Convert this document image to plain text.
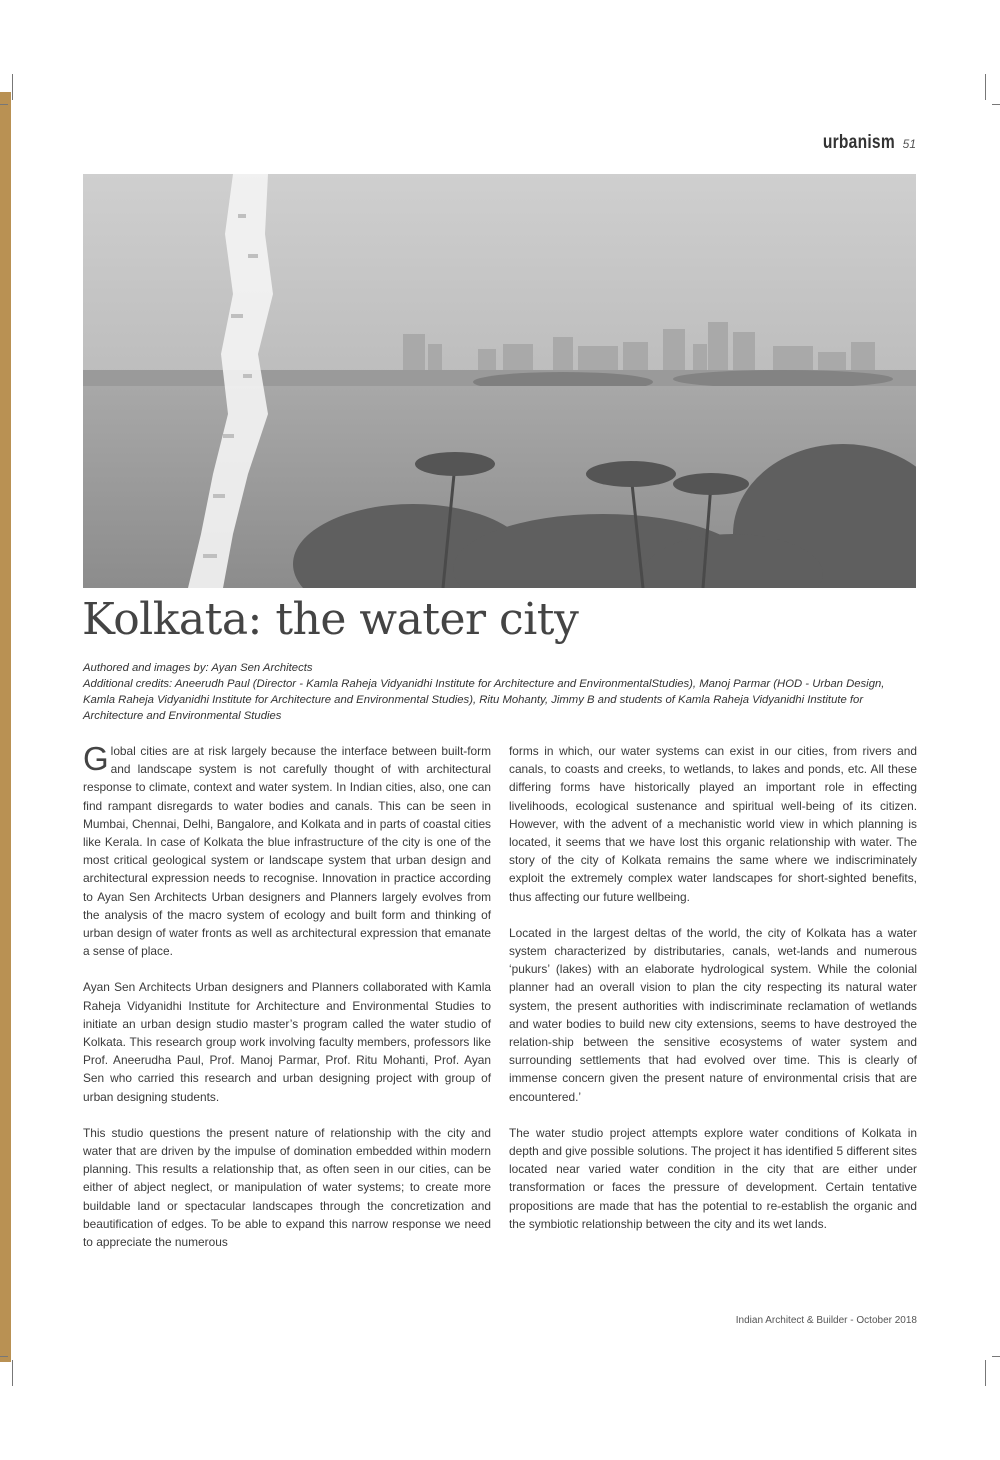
urbanism 51
Kolkata: the water city

Authored and images by: Ayan Sen Architects

Additional credits: Aneerudh Paul (Director - Kamla Raheja Vidyanidhi Institute for Architecture and EnvironmentalStudies), Manoj Parmar (HOD - Urban Design, Kamla Raheja Vidyanidhi Institute for Architecture and Environmental Studies), Ritu Mohanty, Jimmy B and students of Kamla Raheja Vidyanidhi Institute for Architecture and Environmental Studies

Global cities are at risk largely because the interface between built-form and landscape system is not carefully thought of with architectural response to climate, context and water system. In Indian cities, also, one can find rampant disregards to water bodies and canals. This can be seen in Mumbai, Chennai, Delhi, Bangalore, and Kolkata and in parts of coastal cities like Kerala. In case of Kolkata the blue infrastructure of the city is one of the most critical geological system or landscape system that urban design and architectural expression needs to recognise. Innovation in practice according to Ayan Sen Architects Urban designers and Planners largely evolves from the analysis of the macro system of ecology and built form and thinking of urban design of water fronts as well as architectural expression that emanate a sense of place.

Ayan Sen Architects Urban designers and Planners collaborated with Kamla Raheja Vidyanidhi Institute for Architecture and Environmental Studies to initiate an urban design studio master’s program called the water studio of Kolkata. This research group work involving faculty members, professors like Prof. Aneerudha Paul, Prof. Manoj Parmar, Prof. Ritu Mohanti, Prof. Ayan Sen who carried this research and urban designing project with group of urban designing students.

This studio questions the present nature of relationship with the city and water that are driven by the impulse of domination embedded within modern planning. This results a relationship that, as often seen in our cities, can be either of abject neglect, or manipulation of water systems; to create more buildable land or spectacular landscapes through the concretization and beautification of edges. To be able to expand this narrow response we need to appreciate the numerous

forms in which, our water systems can exist in our cities, from rivers and canals, to coasts and creeks, to wetlands, to lakes and ponds, etc. All these differing forms have historically played an important role in effecting livelihoods, ecological sustenance and spiritual well-being of its citizen. However, with the advent of a mechanistic world view in which planning is located, it seems that we have lost this organic relationship with water. The story of the city of Kolkata remains the same where we indiscriminately exploit the extremely complex water landscapes for short-sighted benefits, thus affecting our future wellbeing.

Located in the largest deltas of the world, the city of Kolkata has a water system characterized by distributaries, canals, wet-lands and numerous ‘pukurs’ (lakes) with an elaborate hydrological system. While the colonial planner had an overall vision to plan the city respecting its natural water system, the present authorities with indiscriminate reclamation of wetlands and water bodies to build new city extensions, seems to have destroyed the relation-ship between the sensitive ecosystems of water system and surrounding settlements that had evolved over time. This is clearly of immense concern given the present nature of environmental crisis that are encountered.’

The water studio project attempts explore water conditions of Kolkata in depth and give possible solutions. The project it has identified 5 different sites located near varied water condition in the city that are either under transformation or faces the pressure of development. Certain tentative propositions are made that has the potential to re-establish the organic and the symbiotic relationship between the city and its wet lands.

Indian Architect & Builder - October 2018
